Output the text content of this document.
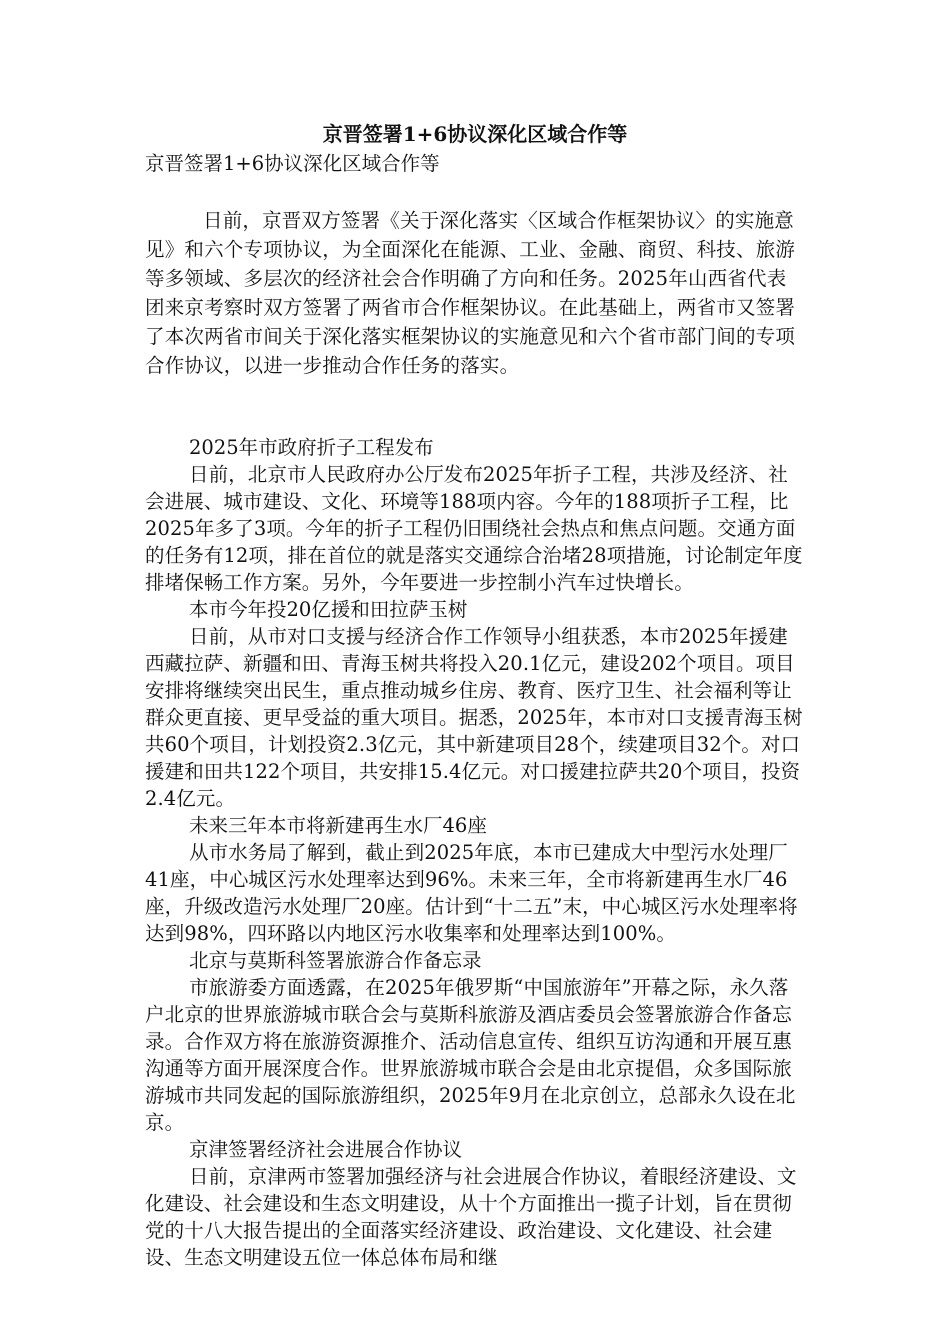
京晋签署1+6协议深化区域合作等

京晋签署1+6协议深化区域合作等

日前，京晋双方签署《关于深化落实〈区域合作框架协议〉的实施意见》和六个专项协议，为全面深化在能源、工业、金融、商贸、科技、旅游等多领域、多层次的经济社会合作明确了方向和任务。2025年山西省代表团来京考察时双方签署了两省市合作框架协议。在此基础上，两省市又签署了本次两省市间关于深化落实框架协议的实施意见和六个省市部门间的专项合作协议，以进一步推动合作任务的落实。

2025年市政府折子工程发布

日前，北京市人民政府办公厅发布2025年折子工程，共涉及经济、社会进展、城市建设、文化、环境等188项内容。今年的188项折子工程，比2025年多了3项。今年的折子工程仍旧围绕社会热点和焦点问题。交通方面的任务有12项，排在首位的就是落实交通综合治堵28项措施，讨论制定年度排堵保畅工作方案。另外，今年要进一步控制小汽车过快增长。

本市今年投20亿援和田拉萨玉树

日前，从市对口支援与经济合作工作领导小组获悉，本市2025年援建西藏拉萨、新疆和田、青海玉树共将投入20.1亿元，建设202个项目。项目安排将继续突出民生，重点推动城乡住房、教育、医疗卫生、社会福利等让群众更直接、更早受益的重大项目。据悉，2025年，本市对口支援青海玉树共60个项目，计划投资2.3亿元，其中新建项目28个，续建项目32个。对口援建和田共122个项目，共安排15.4亿元。对口援建拉萨共20个项目，投资2.4亿元。

未来三年本市将新建再生水厂46座

从市水务局了解到，截止到2025年底，本市已建成大中型污水处理厂41座，中心城区污水处理率达到96%。未来三年，全市将新建再生水厂46座，升级改造污水处理厂20座。估计到“十二五”末，中心城区污水处理率将达到98%，四环路以内地区污水收集率和处理率达到100%。

北京与莫斯科签署旅游合作备忘录

市旅游委方面透露，在2025年俄罗斯“中国旅游年”开幕之际，永久落户北京的世界旅游城市联合会与莫斯科旅游及酒店委员会签署旅游合作备忘录。合作双方将在旅游资源推介、活动信息宣传、组织互访沟通和开展互惠沟通等方面开展深度合作。世界旅游城市联合会是由北京提倡，众多国际旅游城市共同发起的国际旅游组织，2025年9月在北京创立，总部永久设在北京。

京津签署经济社会进展合作协议

日前，京津两市签署加强经济与社会进展合作协议，着眼经济建设、文化建设、社会建设和生态文明建设，从十个方面推出一揽子计划，旨在贯彻党的十八大报告提出的全面落实经济建设、政治建设、文化建设、社会建设、生态文明建设五位一体总体布局和继
